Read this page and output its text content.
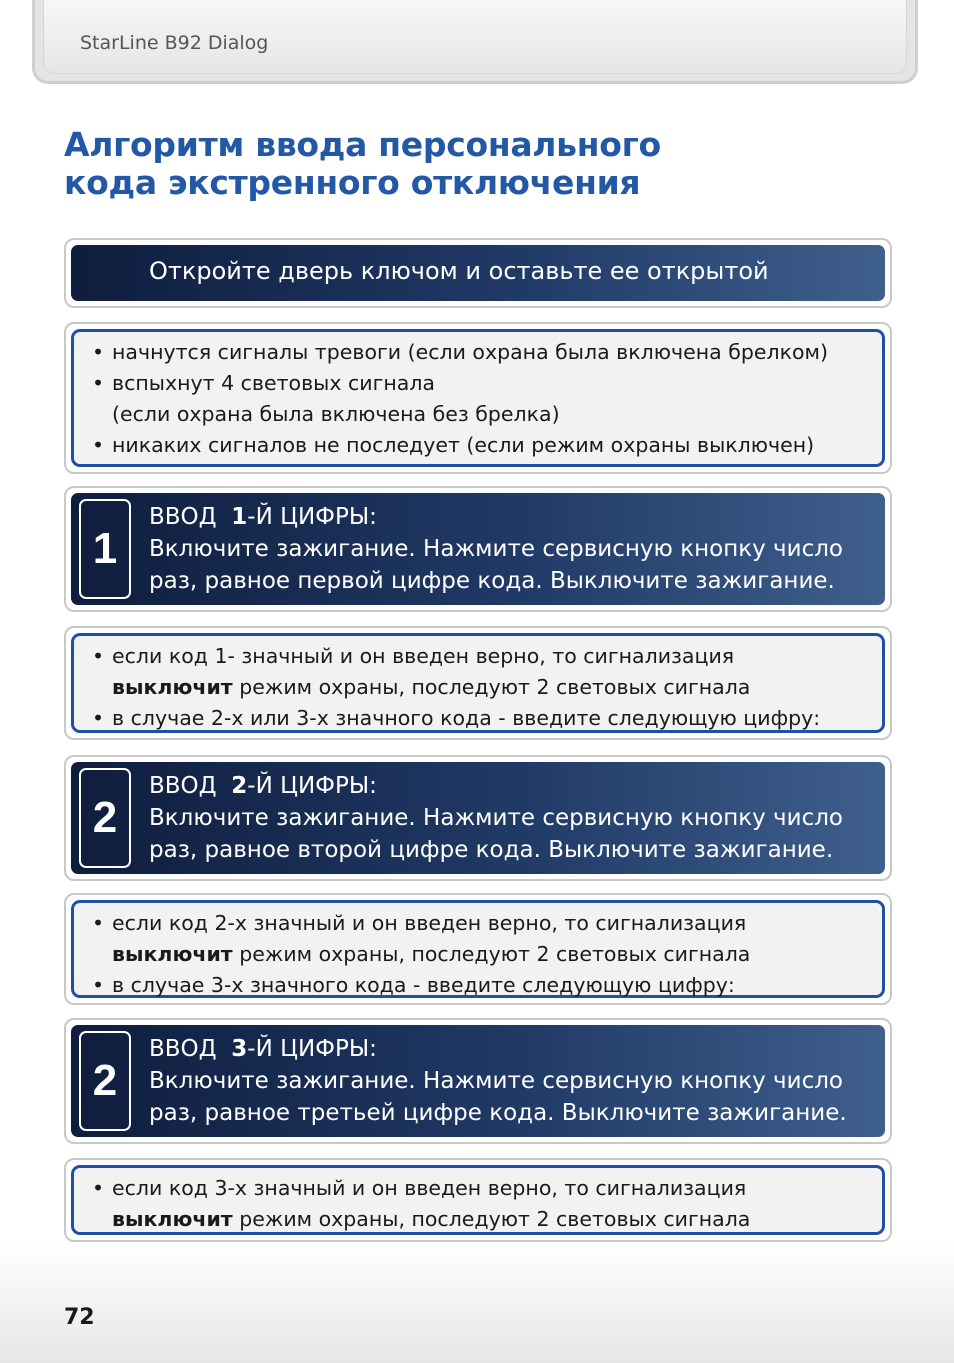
StarLine B92 Dialog
Алгоритм ввода персонального
кода экстренного отключения
Откройте дверь ключом и оставьте ее открытой
• начнутся сигналы тревоги (если охрана была включена брелком)
• вспыхнут 4 световых сигнала
(если охрана была включена без брелка)
• никаких сигналов не последует (если режим охраны выключен)
1
ВВОД 1-Й ЦИФРЫ:
Включите зажигание. Нажмите сервисную кнопку число
раз, равное первой цифре кода. Выключите зажигание.
• если код 1- значный и он введен верно, то сигнализация
выключит режим охраны, последуют 2 световых сигнала
• в случае 2-х или 3-х значного кода - введите следующую цифру:
2
ВВОД 2-Й ЦИФРЫ:
Включите зажигание. Нажмите сервисную кнопку число
раз, равное второй цифре кода. Выключите зажигание.
• если код 2-х значный и он введен верно, то сигнализация
выключит режим охраны, последуют 2 световых сигнала
• в случае 3-х значного кода - введите следующую цифру:
2
ВВОД 3-Й ЦИФРЫ:
Включите зажигание. Нажмите сервисную кнопку число
раз, равное третьей цифре кода. Выключите зажигание.
• если код 3-х значный и он введен верно, то сигнализация
выключит режим охраны, последуют 2 световых сигнала
72
